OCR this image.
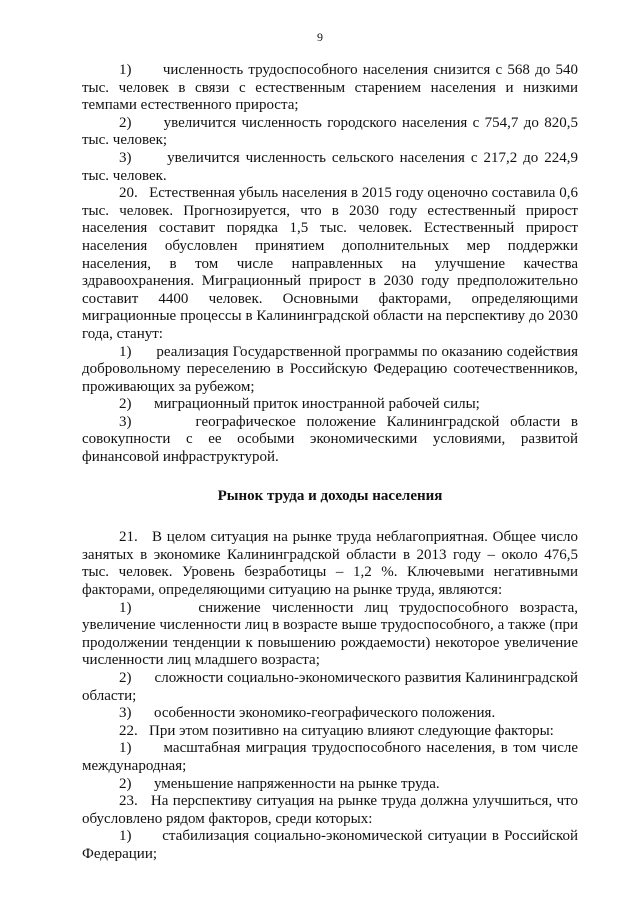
9

1)      численность трудоспособного населения снизится с 568 до 540 тыс. человек в связи с естественным старением населения и низкими темпами естественного прироста;

2)      увеличится численность городского населения с 754,7 до 820,5 тыс. человек;

3)      увеличится численность сельского населения с 217,2 до 224,9 тыс. человек.

20.   Естественная убыль населения в 2015 году оценочно составила 0,6 тыс. человек. Прогнозируется, что в 2030 году естественный прирост населения составит порядка 1,5 тыс. человек. Естественный прирост населения обусловлен принятием дополнительных мер поддержки населения, в том числе направленных на улучшение качества здравоохранения. Миграционный прирост в 2030 году предположительно составит 4400 человек. Основными факторами, определяющими миграционные процессы в Калининградской области на перспективу до 2030 года, станут:

1)      реализация Государственной программы по оказанию содействия добровольному переселению в Российскую Федерацию соотечественников, проживающих за рубежом;

2)      миграционный приток иностранной рабочей силы;

3)      географическое положение Калининградской области в совокупности с ее особыми экономическими условиями, развитой финансовой инфраструктурой.

Рынок труда и доходы населения

21.   В целом ситуация на рынке труда неблагоприятная. Общее число занятых в экономике Калининградской области в 2013 году – около 476,5 тыс. человек. Уровень безработицы – 1,2 %. Ключевыми негативными факторами, определяющими ситуацию на рынке труда, являются:

1)      снижение численности лиц трудоспособного возраста, увеличение численности лиц в возрасте выше трудоспособного, а также (при продолжении тенденции к повышению рождаемости) некоторое увеличение численности лиц младшего возраста;

2)      сложности социально-экономического развития Калининградской области;

3)      особенности экономико-географического положения.

22.   При этом позитивно на ситуацию влияют следующие факторы:

1)      масштабная миграция трудоспособного населения, в том числе международная;

2)      уменьшение напряженности на рынке труда.

23.   На перспективу ситуация на рынке труда должна улучшиться, что обусловлено рядом факторов, среди которых:

1)      стабилизация социально-экономической ситуации в Российской Федерации;
